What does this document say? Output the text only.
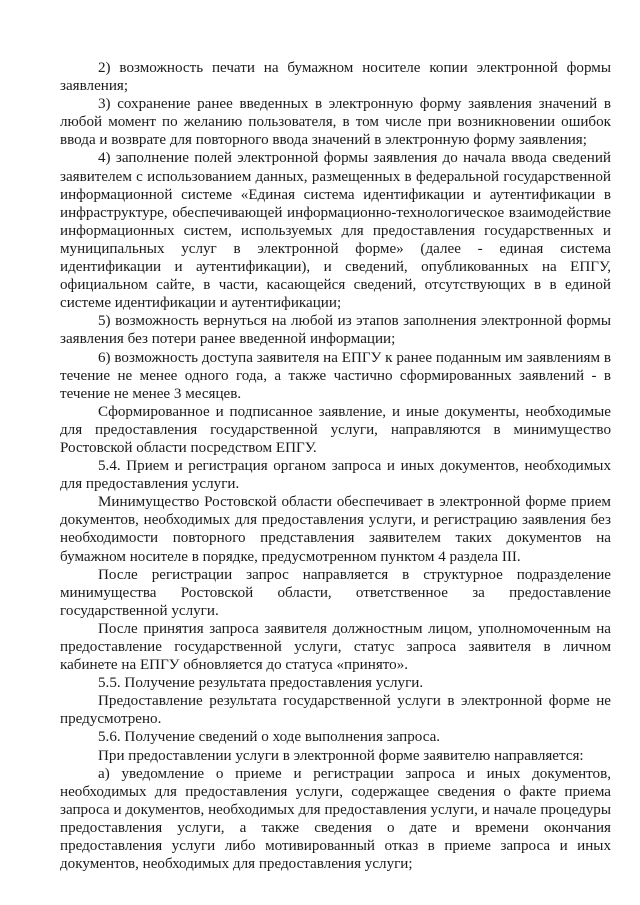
2) возможность печати на бумажном носителе копии электронной формы заявления;

3) сохранение ранее введенных в электронную форму заявления значений в любой момент по желанию пользователя, в том числе при возникновении ошибок ввода и возврате для повторного ввода значений в электронную форму заявления;

4) заполнение полей электронной формы заявления до начала ввода сведений заявителем с использованием данных, размещенных в федеральной государственной информационной системе «Единая система идентификации и аутентификации в инфраструктуре, обеспечивающей информационно-технологическое взаимодействие информационных систем, используемых для предоставления государственных и муниципальных услуг в электронной форме» (далее - единая система идентификации и аутентификации), и сведений, опубликованных на ЕПГУ, официальном сайте, в части, касающейся сведений, отсутствующих в в единой системе идентификации и аутентификации;

5) возможность вернуться на любой из этапов заполнения электронной формы заявления без потери ранее введенной информации;

6) возможность доступа заявителя на ЕПГУ к ранее поданным им заявлениям в течение не менее одного года, а также частично сформированных заявлений - в течение не менее 3 месяцев.

Сформированное и подписанное заявление, и иные документы, необходимые для предоставления государственной услуги, направляются в минимущество Ростовской области посредством ЕПГУ.

5.4. Прием и регистрация органом запроса и иных документов, необходимых для предоставления услуги.

Минимущество Ростовской области обеспечивает в электронной форме прием документов, необходимых для предоставления услуги, и регистрацию заявления без необходимости повторного представления заявителем таких документов на бумажном носителе в порядке, предусмотренном пунктом 4 раздела III.

После регистрации запрос направляется в структурное подразделение минимущества Ростовской области, ответственное за предоставление государственной услуги.

После принятия запроса заявителя должностным лицом, уполномоченным на предоставление государственной услуги, статус запроса заявителя в личном кабинете на ЕПГУ обновляется до статуса «принято».

5.5. Получение результата предоставления услуги.

Предоставление результата государственной услуги в электронной форме не предусмотрено.

5.6. Получение сведений о ходе выполнения запроса.

При предоставлении услуги в электронной форме заявителю направляется:

а) уведомление о приеме и регистрации запроса и иных документов, необходимых для предоставления услуги, содержащее сведения о факте приема запроса и документов, необходимых для предоставления услуги, и начале процедуры предоставления услуги, а также сведения о дате и времени окончания предоставления услуги либо мотивированный отказ в приеме запроса и иных документов, необходимых для предоставления услуги;
